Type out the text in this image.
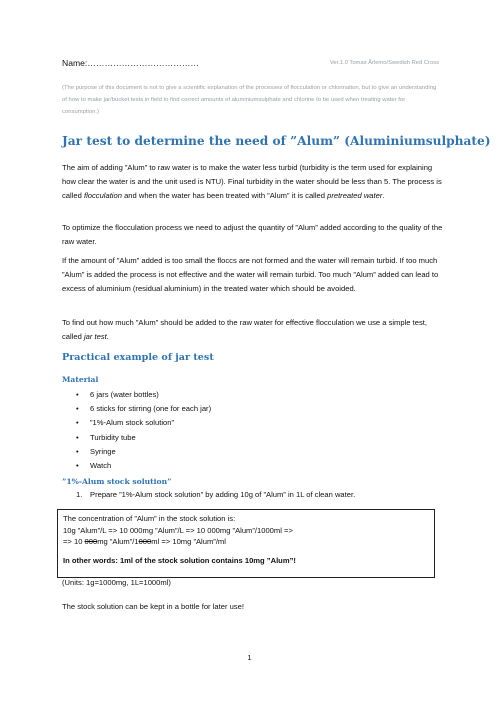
Name:…………………………………	Ver.1.0 Tomas Årlemo/Swedish Red Cross
(The purpose of this document is not to give a scientific explanation of the processes of flocculation or chlorination, but to give an understanding of how to make jar/bucket tests in field to find correct amounts of aluminiumsulphate and chlorine to be used when treating water for consumption.)
Jar test to determine the need of ”Alum” (Aluminiumsulphate)
The aim of adding ”Alum” to raw water is to make the water less turbid (turbidity is the term used for explaining how clear the water is and the unit used is NTU). Final turbidity in the water should be less than 5. The process is called flocculation and when the water has been treated with ”Alum” it is called pretreated water.
To optimize the flocculation process we need to adjust the quantity of ”Alum” added according to the quality of the raw water.
If the amount of ”Alum” added is too small the floccs are not formed and the water will remain turbid. If too much ”Alum” is added the process is not effective and the water will remain turbid. Too much ”Alum” added can lead to excess of aluminium (residual aluminium) in the treated water which should be avoided.
To find out how much ”Alum” should be added to the raw water for effective flocculation we use a simple test, called jar test.
Practical example of jar test
Material
• 6 jars (water bottles)
• 6 sticks for stirring (one for each jar)
• ”1%-Alum stock solution”
• Turbidity tube
• Syringe
• Watch
”1%-Alum stock solution”
1. Prepare ”1%-Alum stock solution” by adding 10g of ”Alum” in 1L of clean water.
The concentration of ”Alum” in the stock solution is:
10g ”Alum”/L => 10 000mg ”Alum”/L => 10 000mg ”Alum”/1000ml =>
=> 10 000mg ”Alum”/1000ml => 10mg ”Alum”/ml
In other words: 1ml of the stock solution contains 10mg ”Alum”!
(Units: 1g=1000mg, 1L=1000ml)
The stock solution can be kept in a bottle for later use!
1
